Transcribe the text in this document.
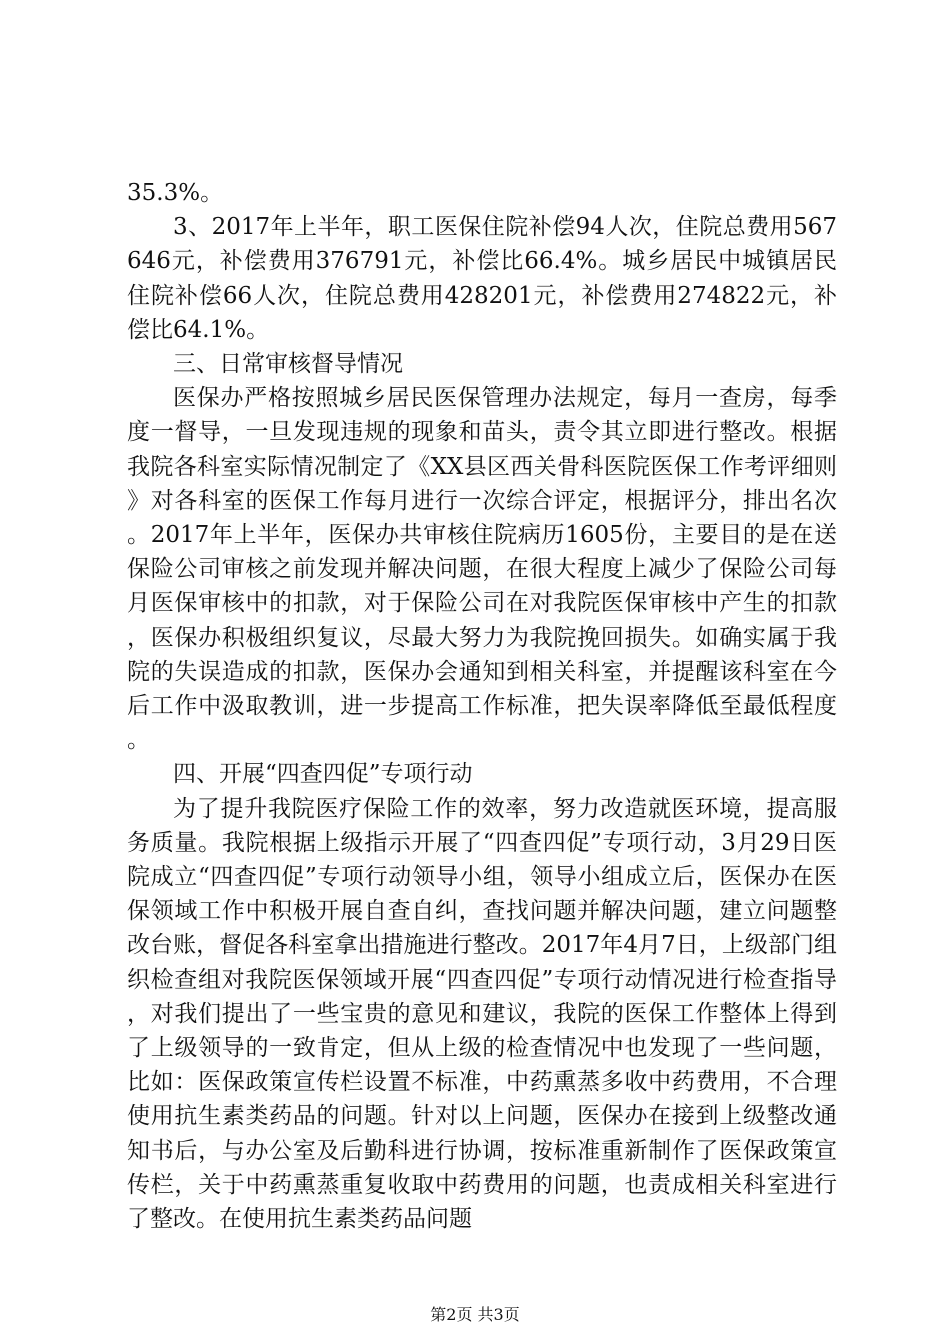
35.3%。

3、2017年上半年，职工医保住院补偿94人次，住院总费用567646元，补偿费用376791元，补偿比66.4%。城乡居民中城镇居民住院补偿66人次，住院总费用428201元，补偿费用274822元，补偿比64.1%。

三、日常审核督导情况

医保办严格按照城乡居民医保管理办法规定，每月一查房，每季度一督导，一旦发现违规的现象和苗头，责令其立即进行整改。根据我院各科室实际情况制定了《XX县区西关骨科医院医保工作考评细则》对各科室的医保工作每月进行一次综合评定，根据评分，排出名次。2017年上半年，医保办共审核住院病历1605份，主要目的是在送保险公司审核之前发现并解决问题，在很大程度上减少了保险公司每月医保审核中的扣款，对于保险公司在对我院医保审核中产生的扣款，医保办积极组织复议，尽最大努力为我院挽回损失。如确实属于我院的失误造成的扣款，医保办会通知到相关科室，并提醒该科室在今后工作中汲取教训，进一步提高工作标准，把失误率降低至最低程度。

四、开展“四查四促”专项行动

为了提升我院医疗保险工作的效率，努力改造就医环境，提高服务质量。我院根据上级指示开展了“四查四促”专项行动，3月29日医院成立“四查四促”专项行动领导小组，领导小组成立后，医保办在医保领域工作中积极开展自查自纠，查找问题并解决问题，建立问题整改台账，督促各科室拿出措施进行整改。2017年4月7日，上级部门组织检查组对我院医保领域开展“四查四促”专项行动情况进行检查指导，对我们提出了一些宝贵的意见和建议，我院的医保工作整体上得到了上级领导的一致肯定，但从上级的检查情况中也发现了一些问题，比如：医保政策宣传栏设置不标准，中药熏蒸多收中药费用，不合理使用抗生素类药品的问题。针对以上问题，医保办在接到上级整改通知书后，与办公室及后勤科进行协调，按标准重新制作了医保政策宣传栏，关于中药熏蒸重复收取中药费用的问题，也责成相关科室进行了整改。在使用抗生素类药品问题

第2页 共3页
